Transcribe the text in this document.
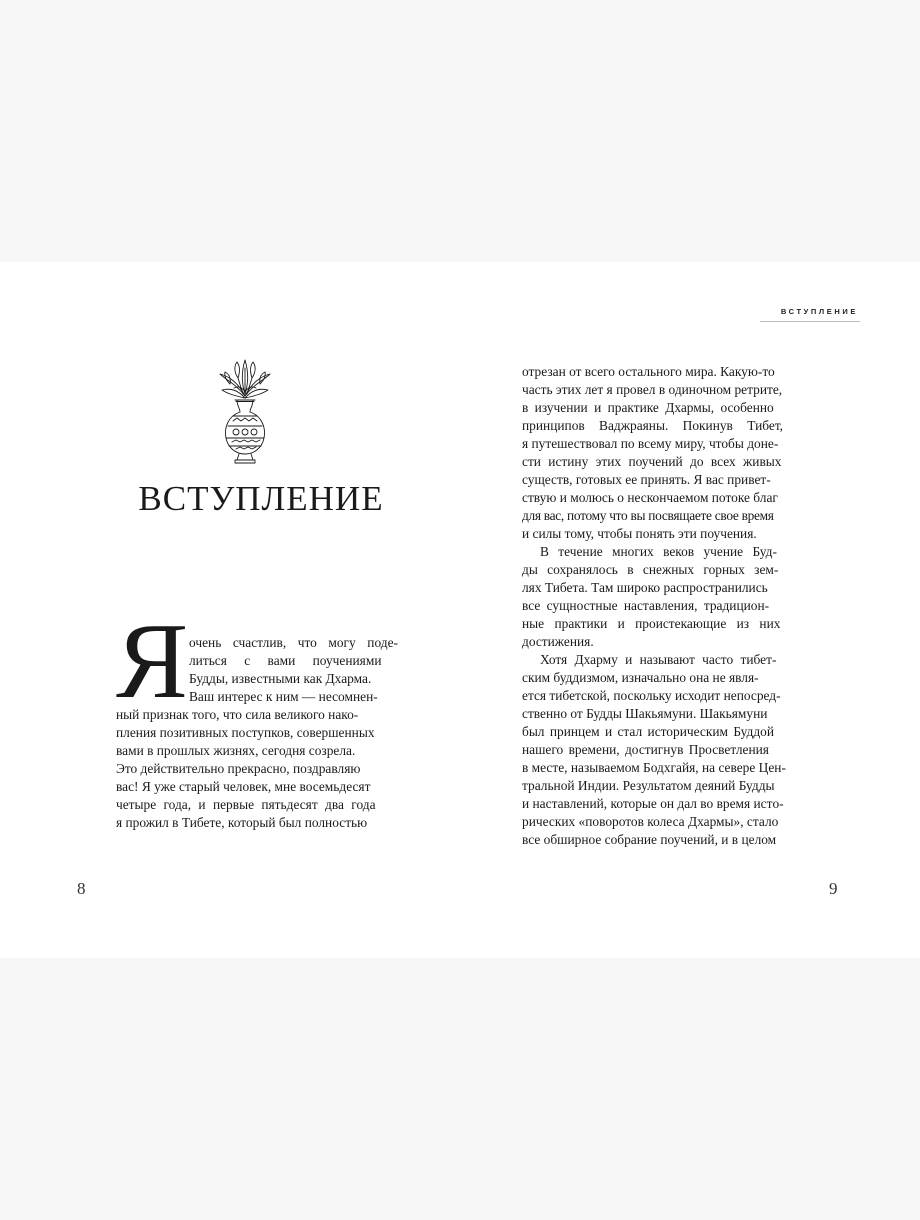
ВСТУПЛЕНИЕ
ВСТУПЛЕНИЕ
Я очень счастлив, что могу поде-

литься с вами поучениями

Будды, известными как Дхарма.

Ваш интерес к ним — несомнен-

ный признак того, что сила великого нако-

пления позитивных поступков, совершенных

вами в прошлых жизнях, сегодня созрела.

Это действительно прекрасно, поздравляю

вас! Я уже старый человек, мне восемьдесят

четыре года, и первые пятьдесят два года

я прожил в Тибете, который был полностью

8

отрезан от всего остального мира. Какую-то

часть этих лет я провел в одиночном ретрите,

в изучении и практике Дхармы, особенно

принципов Ваджраяны. Покинув Тибет,

я путешествовал по всему миру, чтобы доне-

сти истину этих поучений до всех живых

существ, готовых ее принять. Я вас привет-

ствую и молюсь о нескончаемом потоке благ

для вас, потому что вы посвящаете свое время

и силы тому, чтобы понять эти поучения.

В течение многих веков учение Буд-

ды сохранялось в снежных горных зем-

лях Тибета. Там широко распространились

все сущностные наставления, традицион-

ные практики и проистекающие из них

достижения.

Хотя Дхарму и называют часто тибет-

ским буддизмом, изначально она не явля-

ется тибетской, поскольку исходит непосред-

ственно от Будды Шакьямуни. Шакьямуни

был принцем и стал историческим Буддой

нашего времени, достигнув Просветления

в месте, называемом Бодхгайя, на севере Цен-

тральной Индии. Результатом деяний Будды

и наставлений, которые он дал во время истo-

рических «поворотов колеса Дхармы», стало

все обширное собрание поучений, и в целом

9
